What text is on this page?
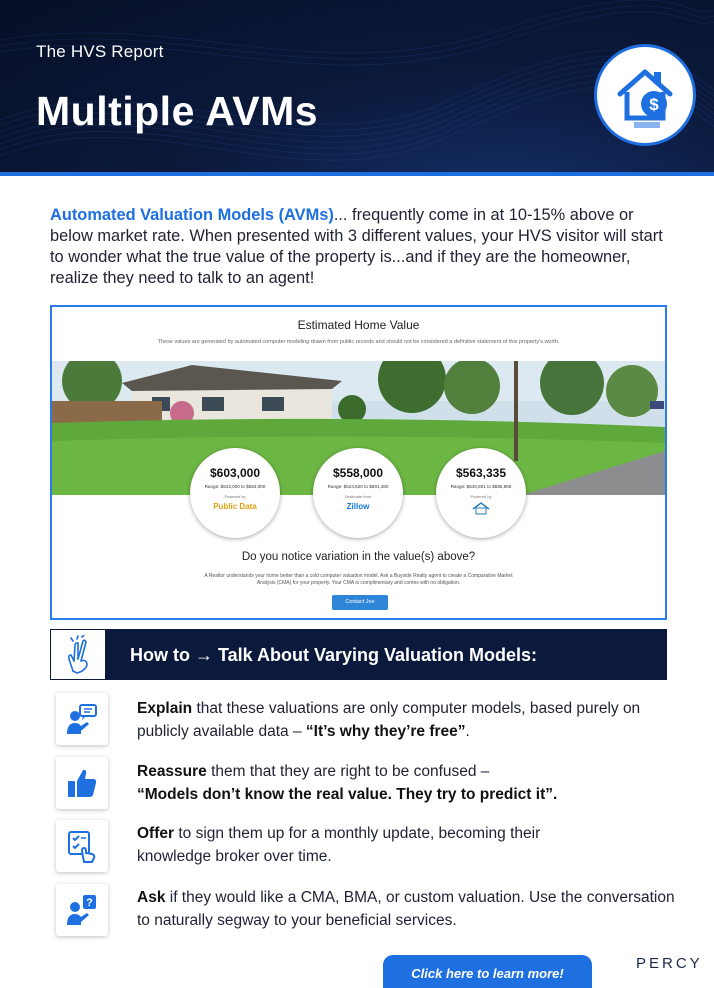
The HVS Report
Multiple AVMs	$

Automated Valuation Models (AVMs)... frequently come in at 10-15% above or below market rate. When presented with 3 different values, your HVS visitor will start to wonder what the true value of the property is...and if they are the homeowner, realize they need to talk to an agent!

Estimated Home Value
These values are generated by automated computer modeling drawn from public records and should not be considered a definitive statement of this property's worth.
$603,000
Range: $543,000 to $663,000
Powered by
Public Data
$558,000
Range: $524,520 to $591,480
Zestimate from
Zillow
$563,335
Range: $540,801 to $585,868
Powered by
Do you notice variation in the value(s) above?
A Realtor understands your home better than a cold computer valuation model. Ask a Buyside Realty agent to create a Comparative Market Analysis (CMA) for your property. Your CMA is complimentary and comes with no obligation.
Contact Joe
How to → Talk About Varying Valuation Models:
Explain that these valuations are only computer models, based purely on publicly available data – “It’s why they’re free”.
Reassure them that they are right to be confused –
“Models don’t know the real value. They try to predict it”.
Offer to sign them up for a monthly update, becoming their knowledge broker over time.
?	Ask if they would like a CMA, BMA, or custom valuation. Use the conversation to naturally segway to your beneficial services.
Click here to learn more!
PERCY
